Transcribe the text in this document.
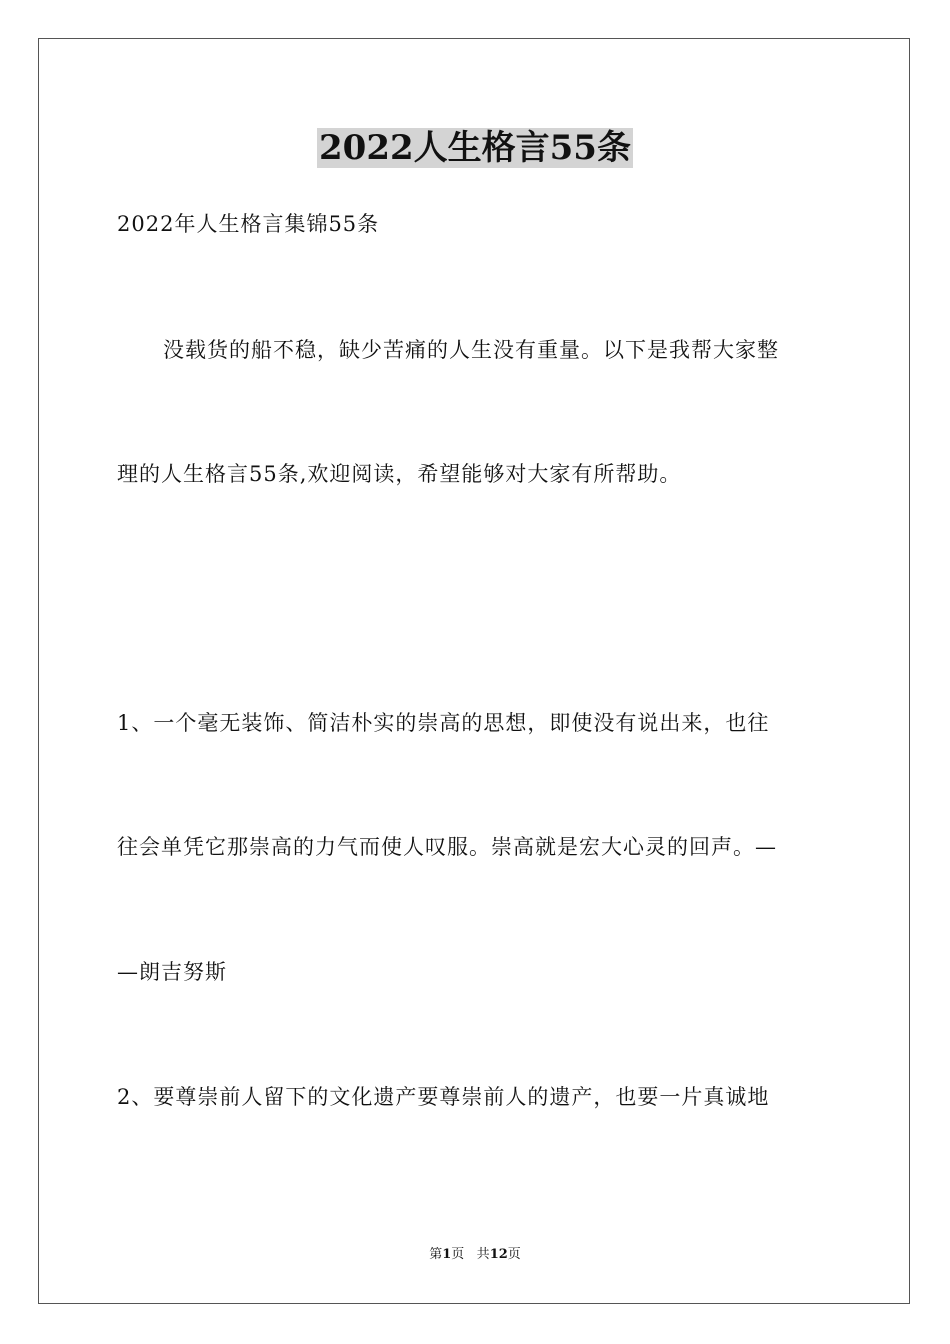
2022人生格言55条
2022年人生格言集锦55条
没载货的船不稳，缺少苦痛的人生没有重量。以下是我帮大家整
理的人生格言55条,欢迎阅读，希望能够对大家有所帮助。
1、一个毫无装饰、简洁朴实的崇高的思想，即使没有说出来，也往
往会单凭它那崇高的力气而使人叹服。崇高就是宏大心灵的回声。—
—朗吉努斯
2、要尊崇前人留下的文化遗产要尊崇前人的遗产，也要一片真诚地
第1页 共12页
